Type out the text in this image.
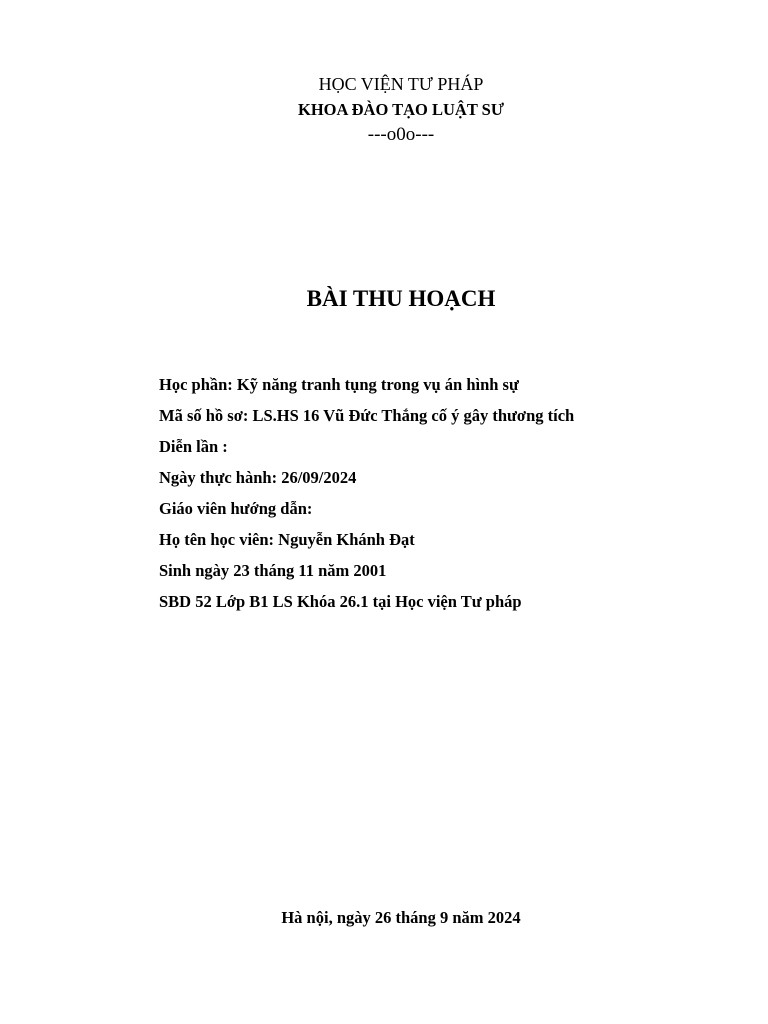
HỌC VIỆN TƯ PHÁP
KHOA ĐÀO TẠO LUẬT SƯ
---o0o---
BÀI THU HOẠCH
Học phần: Kỹ năng tranh tụng trong vụ án hình sự
Mã số hồ sơ: LS.HS 16 Vũ Đức Thắng cố ý gây thương tích
Diễn lần :
Ngày thực hành: 26/09/2024
Giáo viên hướng dẫn:
Họ tên học viên: Nguyễn Khánh Đạt
Sinh ngày 23 tháng 11 năm 2001
SBD 52 Lớp B1 LS Khóa 26.1 tại Học viện Tư pháp
Hà nội, ngày 26 tháng 9 năm 2024
